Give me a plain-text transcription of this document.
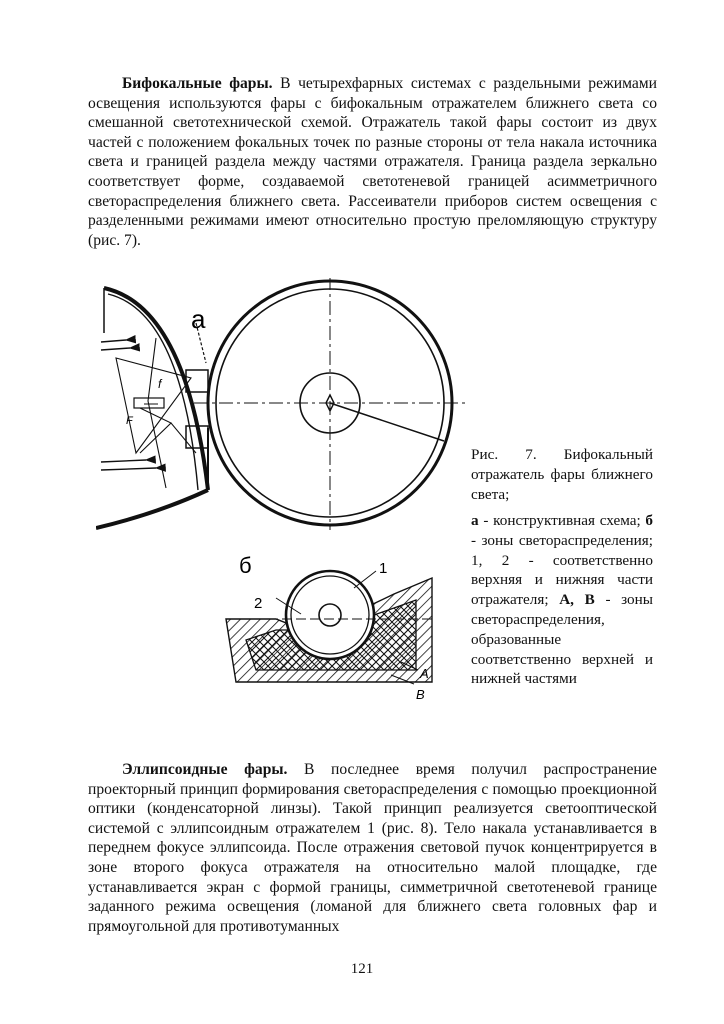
Бифокальные фары. В четырехфарных системах с раздельными режимами освещения используются фары с бифокальным отражателем ближнего света со смешанной светотехнической схемой. Отражатель такой фары состоит из двух частей с положением фокальных точек по разные стороны от тела накала источника света и границей раздела между частями отражателя. Граница раздела зеркально соответствует форме, создаваемой светотеневой границей асимметричного светораспределения ближнего света. Рассеиватели приборов систем освещения с разделенными режимами имеют относительно простую преломляющую структуру (рис. 7).

а
f
F
б	1
2
A
B
Рис. 7. Бифокальный отражатель фары ближнего света;
а - конструктивная схема; б - зоны светораспределения; 1, 2 - соответственно верхняя и нижняя части отражателя; А, В - зоны светораспределения, образованные соответственно верхней и нижней частями

Эллипсоидные фары. В последнее время получил распространение проекторный принцип формирования светораспределения с помощью проекционной оптики (конденсаторной линзы). Такой принцип реализуется светооптической системой с эллипсоидным отражателем 1 (рис. 8). Тело накала устанавливается в переднем фокусе эллипсоида. После отражения световой пучок концентрируется в зоне второго фокуса отражателя на относительно малой площадке, где устанавливается экран с формой границы, симметричной светотеневой границе заданного режима освещения (ломаной для ближнего света головных фар и прямоугольной для противотуманных

121
